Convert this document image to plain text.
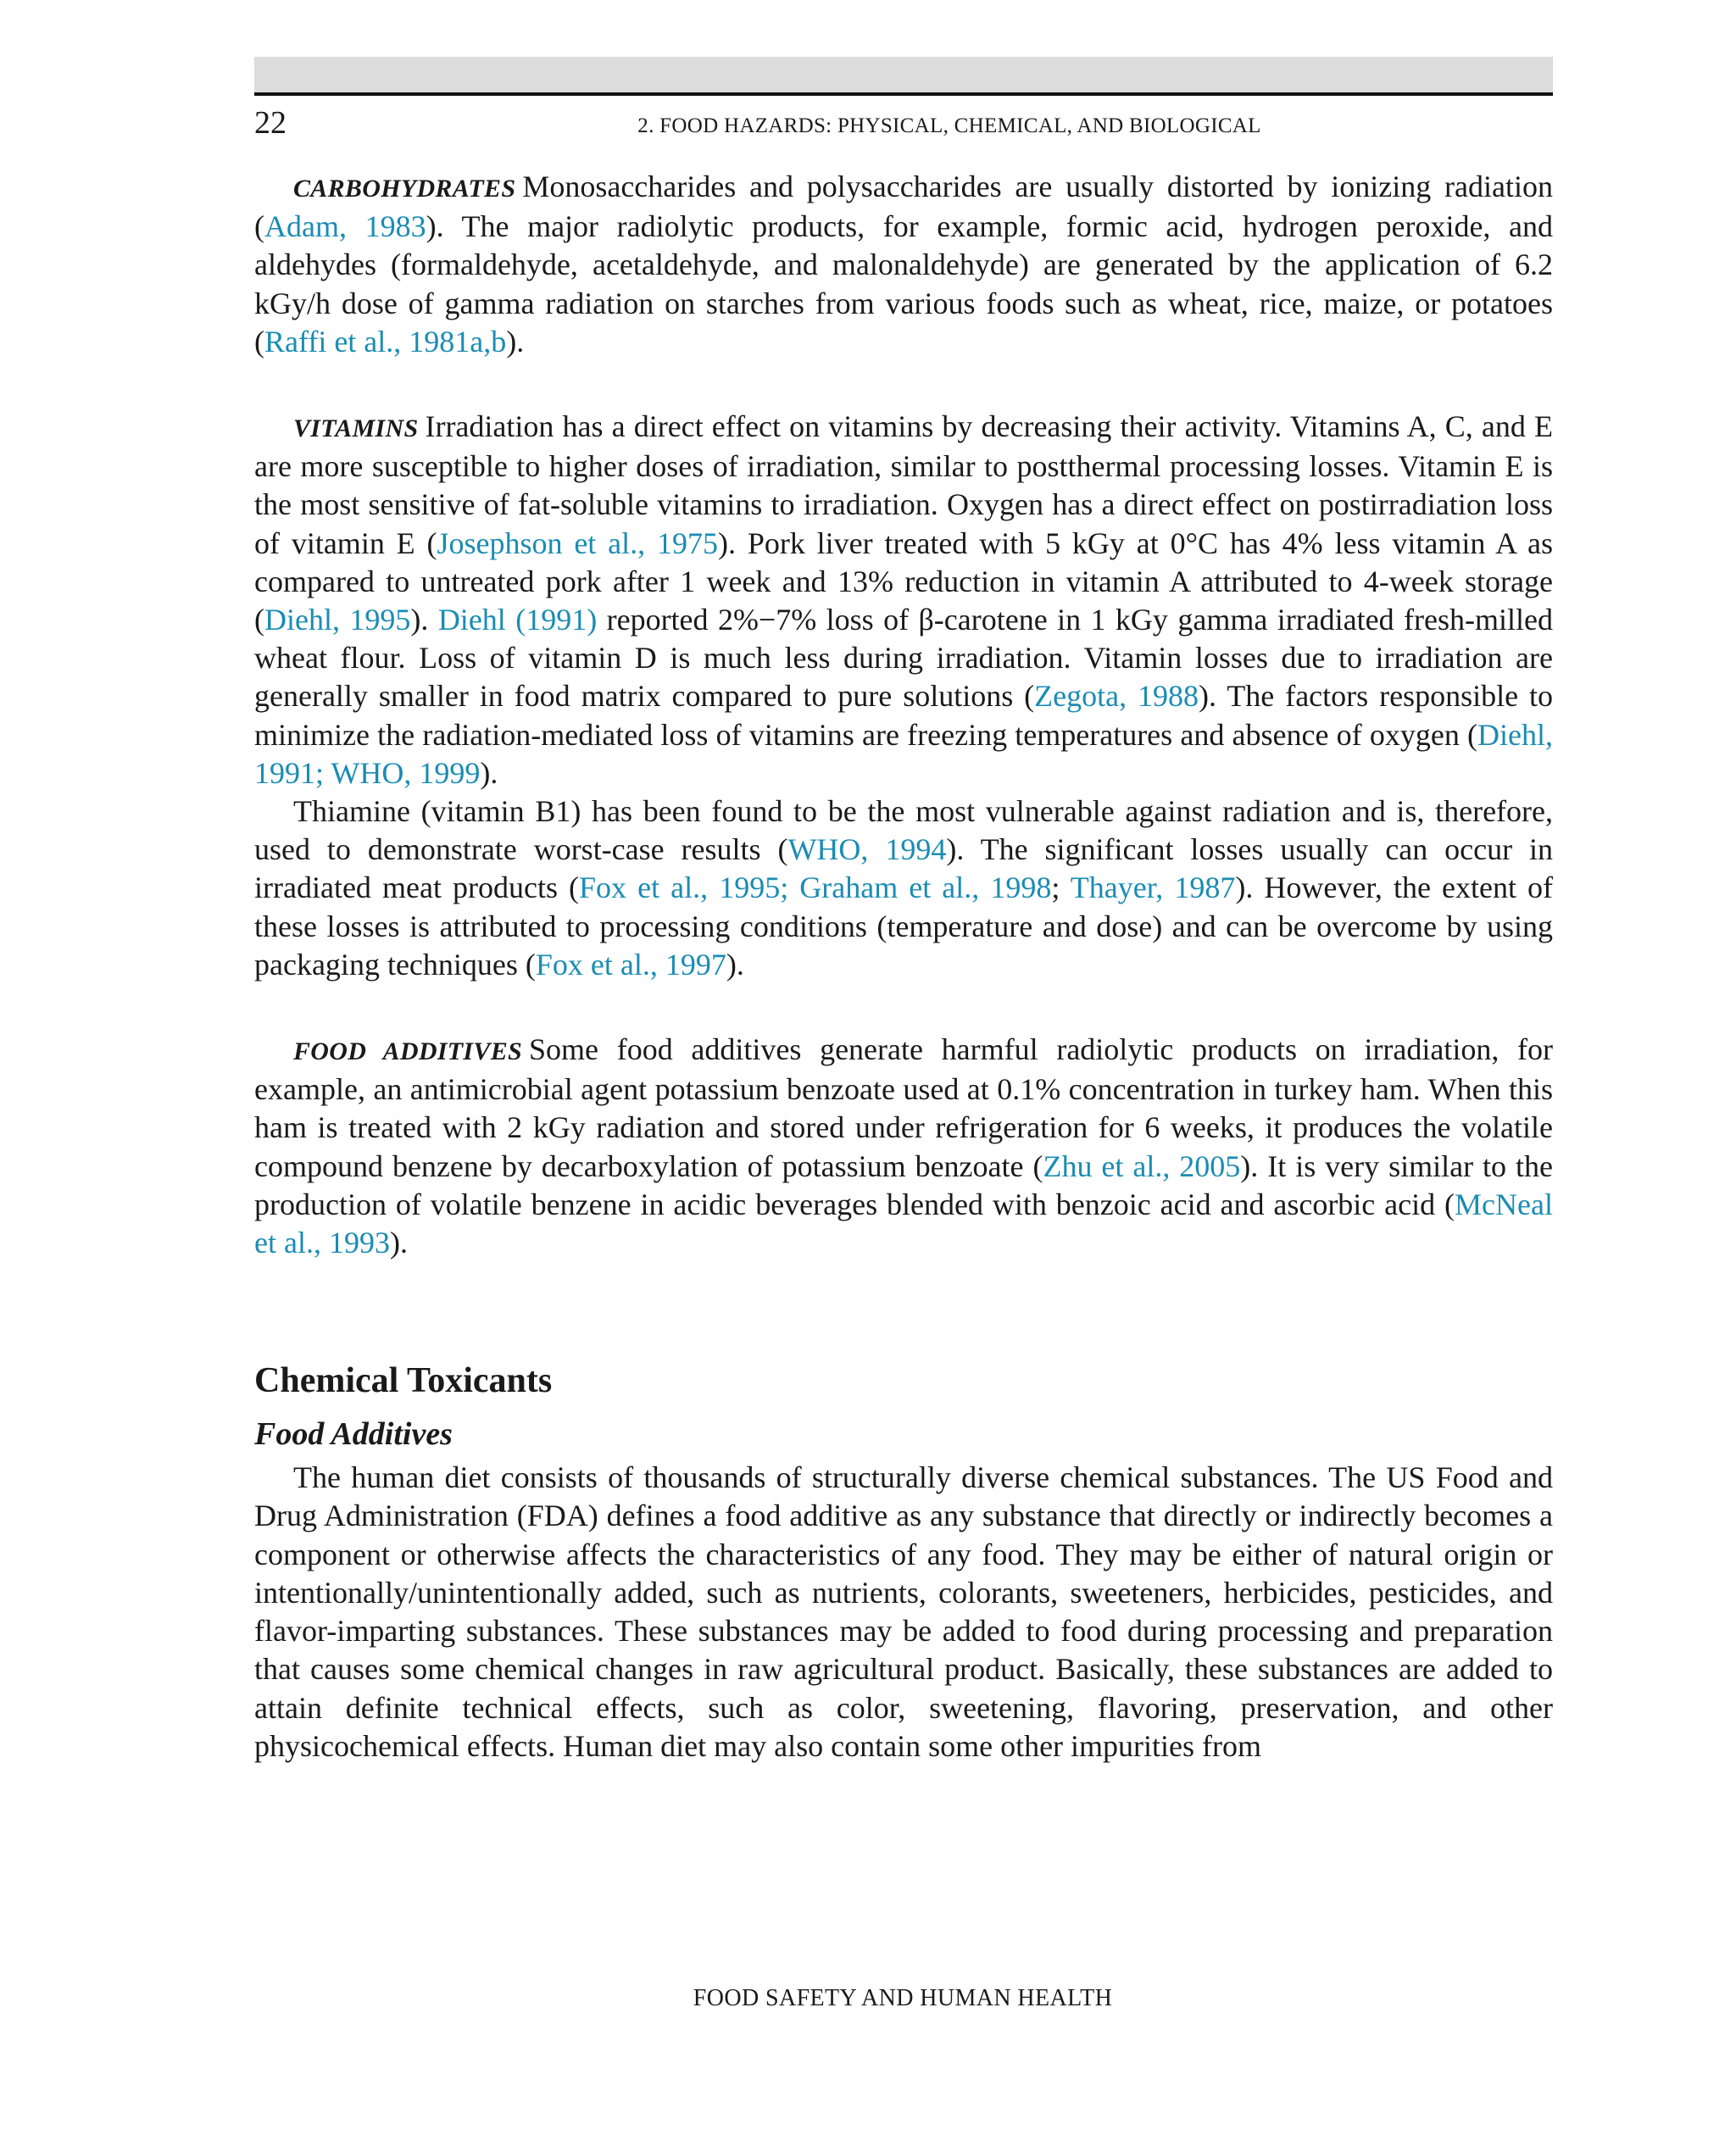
22	2. FOOD HAZARDS: PHYSICAL, CHEMICAL, AND BIOLOGICAL

CARBOHYDRATES Monosaccharides and polysaccharides are usually distorted by ionizing radiation (Adam, 1983). The major radiolytic products, for example, formic acid, hydrogen peroxide, and aldehydes (formaldehyde, acetaldehyde, and malonaldehyde) are generated by the application of 6.2 kGy/h dose of gamma radiation on starches from various foods such as wheat, rice, maize, or potatoes (Raffi et al., 1981a,b).

VITAMINS Irradiation has a direct effect on vitamins by decreasing their activity. Vitamins A, C, and E are more susceptible to higher doses of irradiation, similar to postthermal processing losses. Vitamin E is the most sensitive of fat-soluble vitamins to irradiation. Oxygen has a direct effect on postirradiation loss of vitamin E (Josephson et al., 1975). Pork liver treated with 5 kGy at 0°C has 4% less vitamin A as compared to untreated pork after 1 week and 13% reduction in vitamin A attributed to 4-week storage (Diehl, 1995). Diehl (1991) reported 2%−7% loss of β-carotene in 1 kGy gamma irradiated fresh-milled wheat flour. Loss of vitamin D is much less during irradiation. Vitamin losses due to irradiation are generally smaller in food matrix compared to pure solutions (Zegota, 1988). The factors responsible to minimize the radiation-mediated loss of vitamins are freezing temperatures and absence of oxygen (Diehl, 1991; WHO, 1999).

Thiamine (vitamin B1) has been found to be the most vulnerable against radiation and is, therefore, used to demonstrate worst-case results (WHO, 1994). The significant losses usually can occur in irradiated meat products (Fox et al., 1995; Graham et al., 1998; Thayer, 1987). However, the extent of these losses is attributed to processing conditions (temperature and dose) and can be overcome by using packaging techniques (Fox et al., 1997).

FOOD ADDITIVES Some food additives generate harmful radiolytic products on irradiation, for example, an antimicrobial agent potassium benzoate used at 0.1% concentration in turkey ham. When this ham is treated with 2 kGy radiation and stored under refrigeration for 6 weeks, it produces the volatile compound benzene by decarboxylation of potassium benzoate (Zhu et al., 2005). It is very similar to the production of volatile benzene in acidic beverages blended with benzoic acid and ascorbic acid (McNeal et al., 1993).

Chemical Toxicants
Food Additives

The human diet consists of thousands of structurally diverse chemical substances. The US Food and Drug Administration (FDA) defines a food additive as any substance that directly or indirectly becomes a component or otherwise affects the characteristics of any food. They may be either of natural origin or intentionally/unintentionally added, such as nutrients, colorants, sweeteners, herbicides, pesticides, and flavor-imparting substances. These substances may be added to food during processing and preparation that causes some chemical changes in raw agricultural product. Basically, these substances are added to attain definite technical effects, such as color, sweetening, flavoring, preservation, and other physicochemical effects. Human diet may also contain some other impurities from

FOOD SAFETY AND HUMAN HEALTH
